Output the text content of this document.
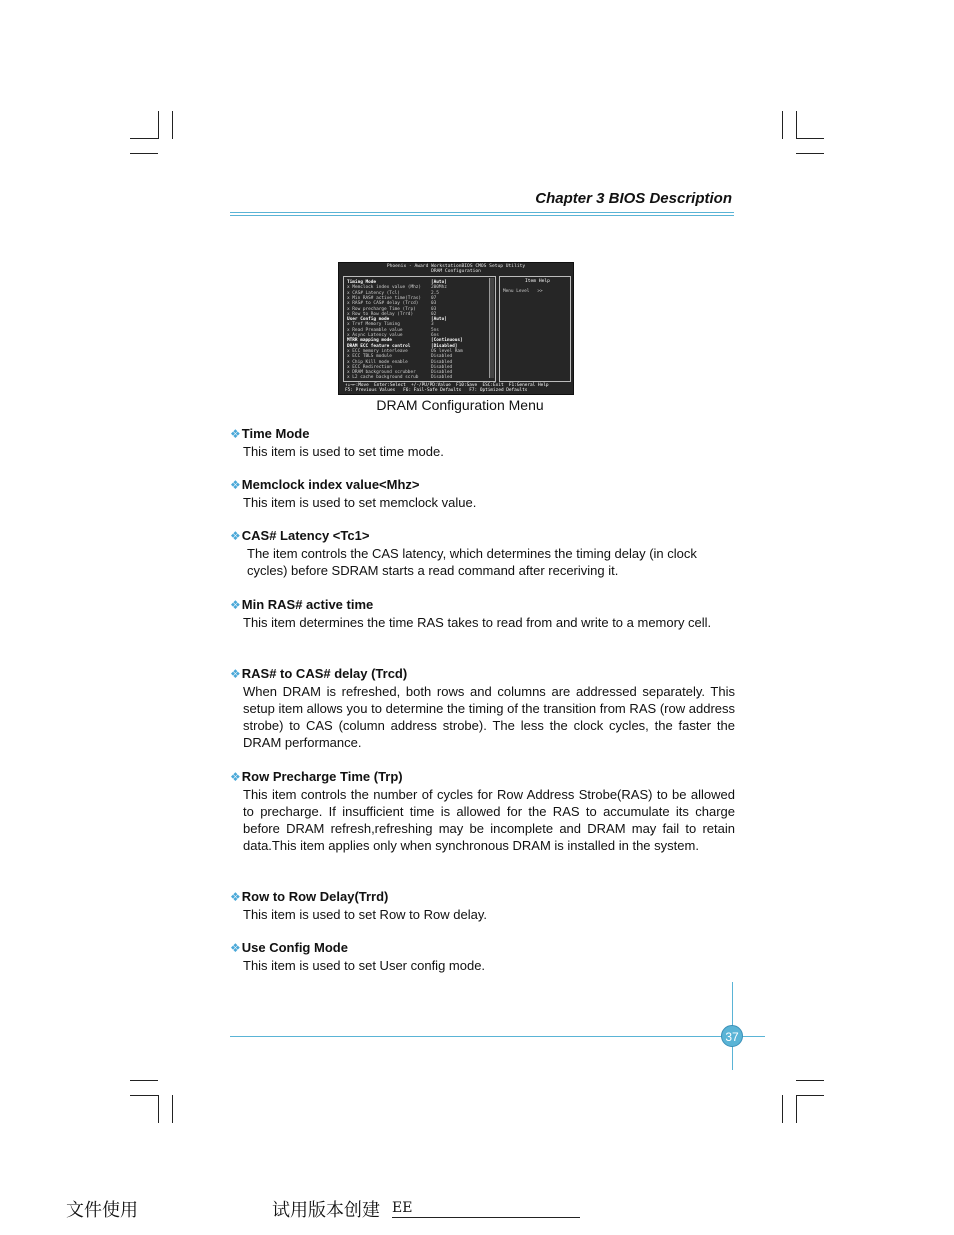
Chapter 3 BIOS Description
Phoenix - Award WorkstationBIOS CMOS Setup Utility
DRAM Configuration
Timing Mode	[Auto]
x Memclock index value (Mhz) 200Mhz
x CAS# Latency (Tcl)	2.5
x Min RAS# active time(Tras) 07
x RAS# to CAS# delay (Trcd)	03
x Row precharge Time (Trp)	03
x Row to Row delay (Trrd)	02
User Config mode	[Auto]
x Tref Memory Timing	3
x Read Preamble value	5ns
x Async Latency value	6ns
MTRR mapping mode	[Continuous]
DRAM ECC feature control	[Disabled]
x ECC memory interleave	OS level Ram
x ECC TBLS module	Disabled
x Chip Kill mode enable	Disabled
x ECC Redirection	Disabled
x DRAM background scrubber	Disabled
x L2 cache background scrub	Disabled
Item Help
Menu Level   >>
↑↓→←:Move  Enter:Select  +/-/PU/PD:Value  F10:Save  ESC:Exit  F1:General Help
F5: Previous Values   F6: Fail-Safe Defaults   F7: Optimized Defaults
DRAM Configuration Menu
❖Time Mode
This item is used to set time mode.
❖Memclock index value<Mhz>
This item is used to set memclock value.
❖CAS# Latency <Tc1>
The item controls the CAS latency, which determines the timing delay (in clock cycles) before SDRAM starts a read command after receriving it.
❖Min RAS# active time
This item determines the time RAS takes to read from and write to a memory cell.
❖RAS# to CAS# delay (Trcd)
When DRAM is refreshed, both rows and columns are addressed separately. This setup item allows you to determine the timing of the transition from RAS (row address strobe) to CAS (column address strobe). The less the clock cycles, the faster the DRAM performance.
❖Row Precharge Time (Trp)
This item controls the number of cycles for Row Address Strobe(RAS) to be allowed to precharge. If insufficient time is allowed for the RAS to accumulate its charge before DRAM refresh,refreshing may be incomplete and DRAM may fail to retain data.This item applies only when synchronous DRAM is installed in the system.
❖Row to Row Delay(Trrd)
This item is used to set Row to Row delay.
❖Use Config Mode
This item is used to set User config mode.
37
文件使用	试用版本创建 EE
